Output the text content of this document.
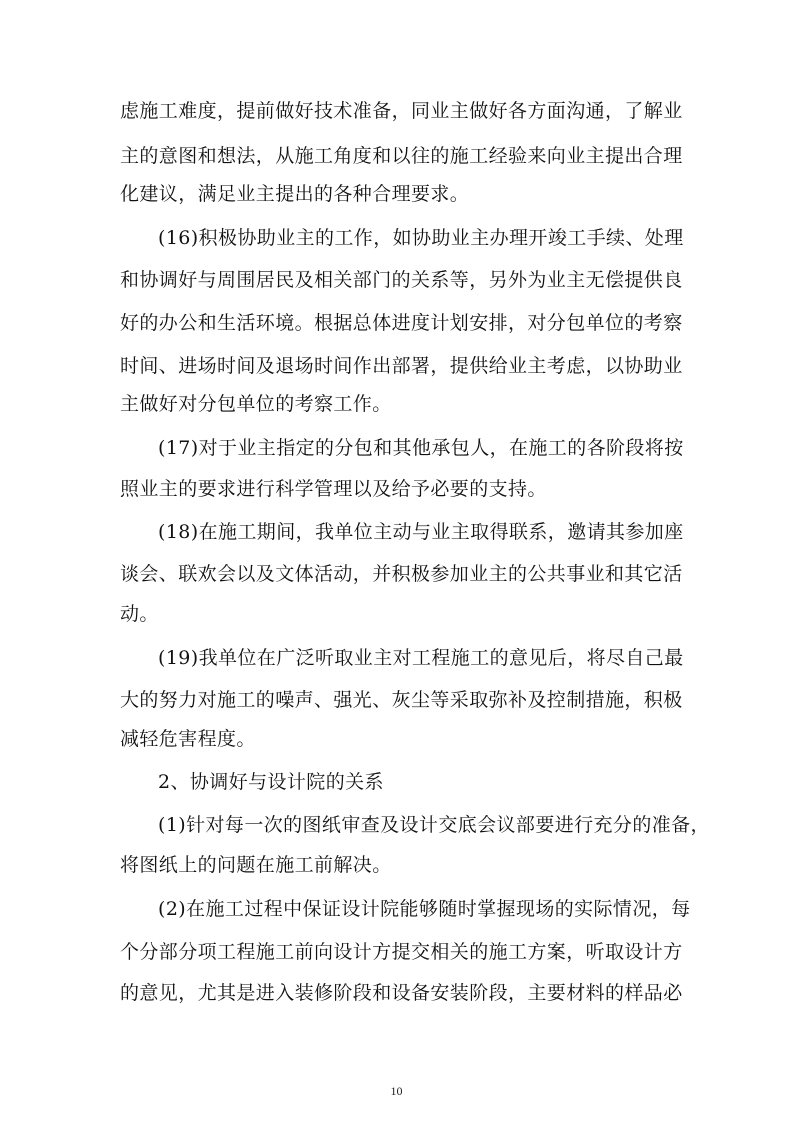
虑施工难度，提前做好技术准备，同业主做好各方面沟通，了解业
主的意图和想法，从施工角度和以往的施工经验来向业主提出合理
化建议，满足业主提出的各种合理要求。
(16)积极协助业主的工作，如协助业主办理开竣工手续、处理
和协调好与周围居民及相关部门的关系等，另外为业主无偿提供良
好的办公和生活环境。根据总体进度计划安排，对分包单位的考察
时间、进场时间及退场时间作出部署，提供给业主考虑，以协助业
主做好对分包单位的考察工作。
(17)对于业主指定的分包和其他承包人，在施工的各阶段将按
照业主的要求进行科学管理以及给予必要的支持。
(18)在施工期间，我单位主动与业主取得联系，邀请其参加座
谈会、联欢会以及文体活动，并积极参加业主的公共事业和其它活
动。
(19)我单位在广泛听取业主对工程施工的意见后，将尽自己最
大的努力对施工的噪声、强光、灰尘等采取弥补及控制措施，积极
减轻危害程度。
2、协调好与设计院的关系
(1)针对每一次的图纸审查及设计交底会议部要进行充分的准备，
将图纸上的问题在施工前解决。
(2)在施工过程中保证设计院能够随时掌握现场的实际情况，每
个分部分项工程施工前向设计方提交相关的施工方案，听取设计方
的意见，尤其是进入装修阶段和设备安装阶段，主要材料的样品必
10
